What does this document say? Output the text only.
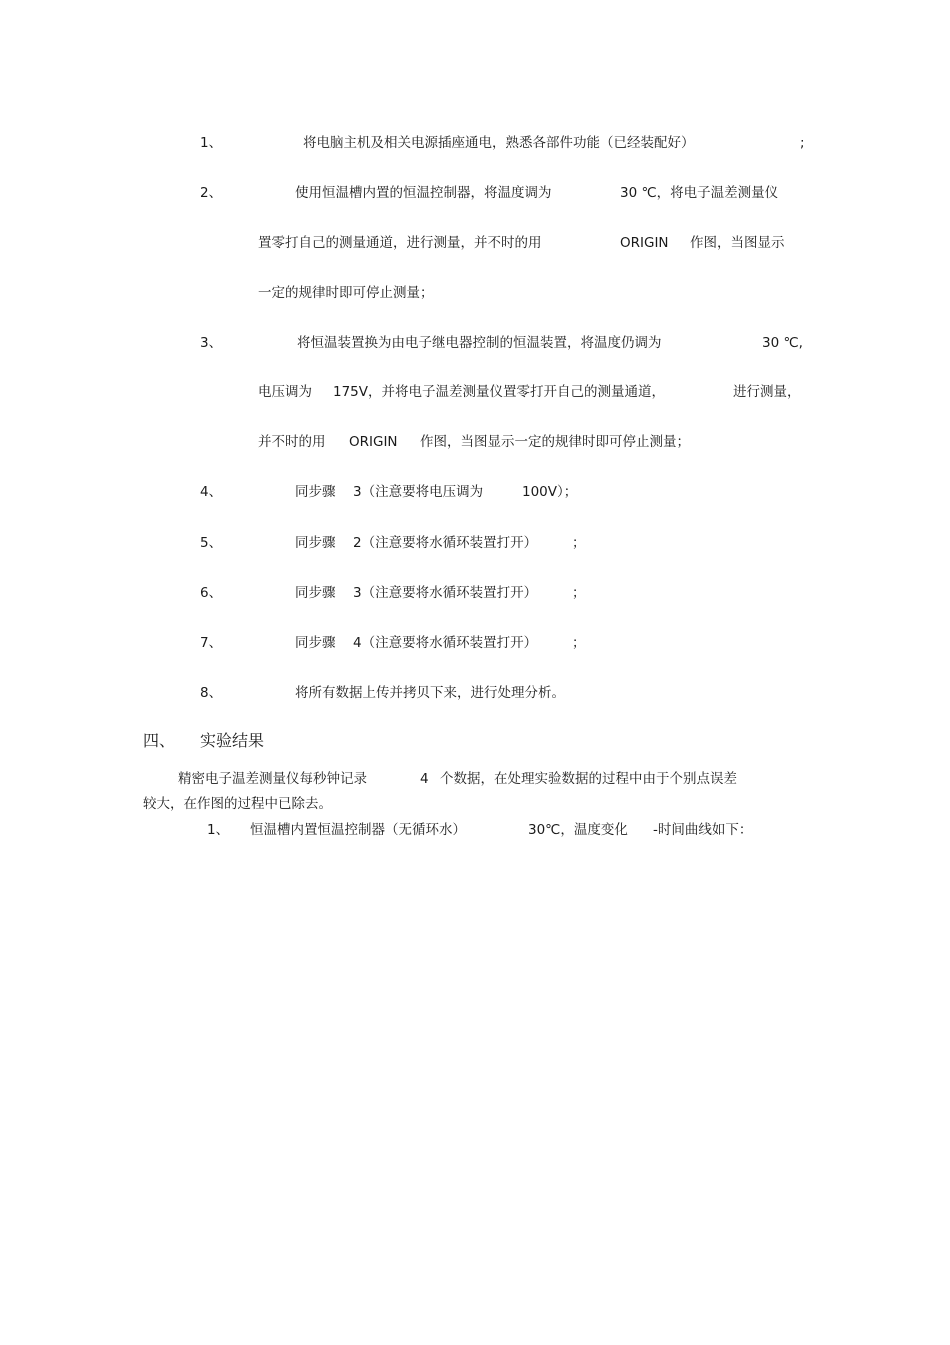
1、	将电脑主机及相关电源插座通电，熟悉各部件功能（已经装配好）	;
2、	使用恒温槽内置的恒温控制器，将温度调为	30 ℃，将电子温差测量仪
置零打自己的测量通道，进行测量，并不时的用	ORIGIN 作图，当图显示
一定的规律时即可停止测量；
3、	将恒温装置换为由电子继电器控制的恒温装置，将温度仍调为	30 ℃,
电压调为 175V，并将电子温差测量仪置零打开自己的测量通道，	进行测量，
并不时的用 ORIGIN 作图，当图显示一定的规律时即可停止测量；
4、	同步骤 3（注意要将电压调为	100V）；
5、	同步骤 2（注意要将水循环装置打开）	；
6、	同步骤 3（注意要将水循环装置打开）	；
7、	同步骤 4（注意要将水循环装置打开）	；
8、	将所有数据上传并拷贝下来，进行处理分析。
四、 实验结果
精密电子温差测量仪每秒钟记录	4 个数据，在处理实验数据的过程中由于个别点误差
较大，在作图的过程中已除去。
1、 恒温槽内置恒温控制器（无循环水）	30℃，温度变化 -时间曲线如下：
